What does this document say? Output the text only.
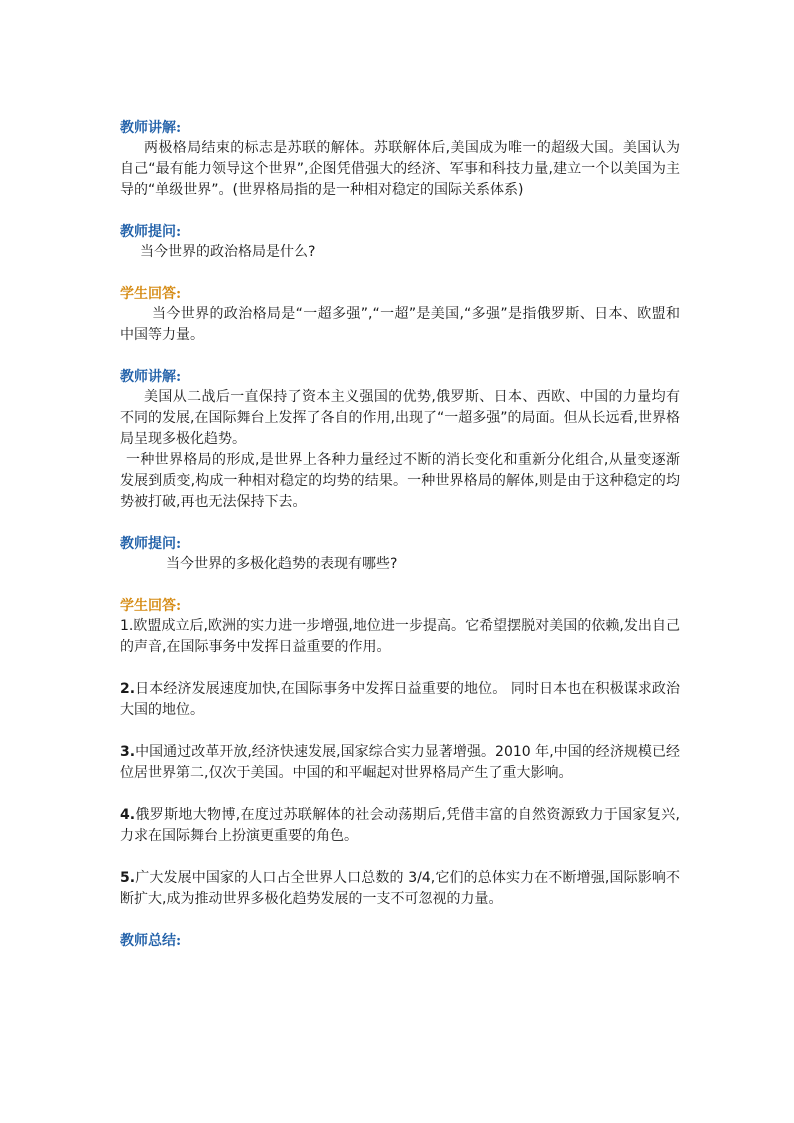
教师讲解:

两极格局结束的标志是苏联的解体。苏联解体后,美国成为唯一的超级大国。美国认为自己“最有能力领导这个世界”,企图凭借强大的经济、军事和科技力量,建立一个以美国为主导的“单级世界”。(世界格局指的是一种相对稳定的国际关系体系)

教师提问:

当今世界的政治格局是什么?

学生回答:

当今世界的政治格局是“一超多强”,“一超”是美国,“多强”是指俄罗斯、日本、欧盟和中国等力量。

教师讲解:

美国从二战后一直保持了资本主义强国的优势,俄罗斯、日本、西欧、中国的力量均有不同的发展,在国际舞台上发挥了各自的作用,出现了“一超多强”的局面。但从长远看,世界格局呈现多极化趋势。

一种世界格局的形成,是世界上各种力量经过不断的消长变化和重新分化组合,从量变逐渐发展到质变,构成一种相对稳定的均势的结果。一种世界格局的解体,则是由于这种稳定的均势被打破,再也无法保持下去。

教师提问:

当今世界的多极化趋势的表现有哪些?

学生回答:

1.欧盟成立后,欧洲的实力进一步增强,地位进一步提高。它希望摆脱对美国的依赖,发出自己的声音,在国际事务中发挥日益重要的作用。

2.日本经济发展速度加快,在国际事务中发挥日益重要的地位。 同时日本也在积极谋求政治大国的地位。

3.中国通过改革开放,经济快速发展,国家综合实力显著增强。2010 年,中国的经济规模已经位居世界第二,仅次于美国。中国的和平崛起对世界格局产生了重大影响。

4.俄罗斯地大物博,在度过苏联解体的社会动荡期后,凭借丰富的自然资源致力于国家复兴,力求在国际舞台上扮演更重要的角色。

5.广大发展中国家的人口占全世界人口总数的 3/4,它们的总体实力在不断增强,国际影响不断扩大,成为推动世界多极化趋势发展的一支不可忽视的力量。

教师总结:
